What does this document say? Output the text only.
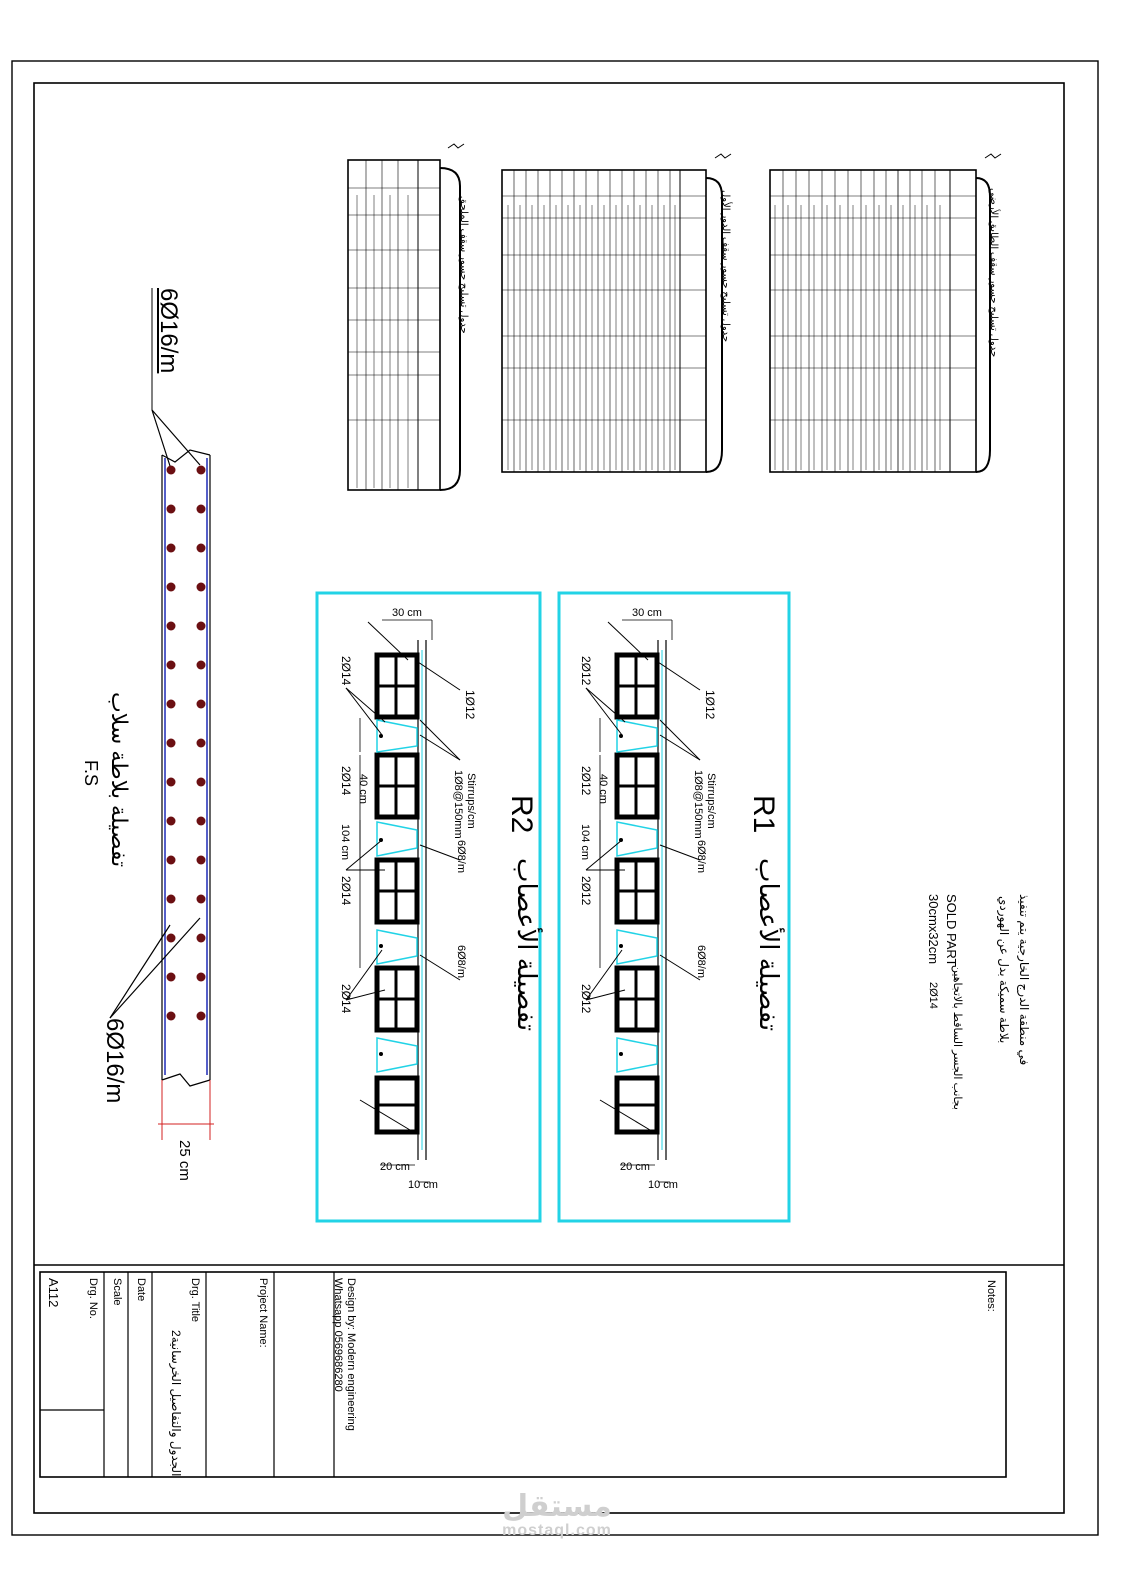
جدول تسليح جسور سقف الطابق الأرضي
جدول تسليح جسور سقف الدور الأول
جدول تسليح جسور سقف الملحق
تفصيلة الأعصاب
R1
1Ø12
Stirrups/cm
1Ø8@150mm
6Ø8/m
6Ø8/m
2Ø12
2Ø12
2Ø12
2Ø12
30 cm
40 cm
104 cm
20 cm
10 cm
تفصيلة الأعصاب
R2
1Ø12
Stirrups/cm
1Ø8@150mm
6Ø8/m
6Ø8/m
2Ø14
2Ø14
2Ø14
2Ø14
30 cm
40 cm
104 cm
20 cm
10 cm
في منطقة الدرج الخارجية يتم تنفيذ
بلاطة سميكة بدل عن الهوردي
SOLD PART
30cmx32cm
2Ø14 بجانب الجسر الساقط بالاتجاهين
تفصيلة بلاطة سلاب
F.S
6Ø16/m
6Ø16/m
25 cm
Notes:
Design by: Modern engineering
Whatsapp 0569686280
Project Name:
Drg. Title
2الجدول والتفاصيل الخرسانية
Date
Scale
Drg. No.
A112
مستقل
mostaql.com
